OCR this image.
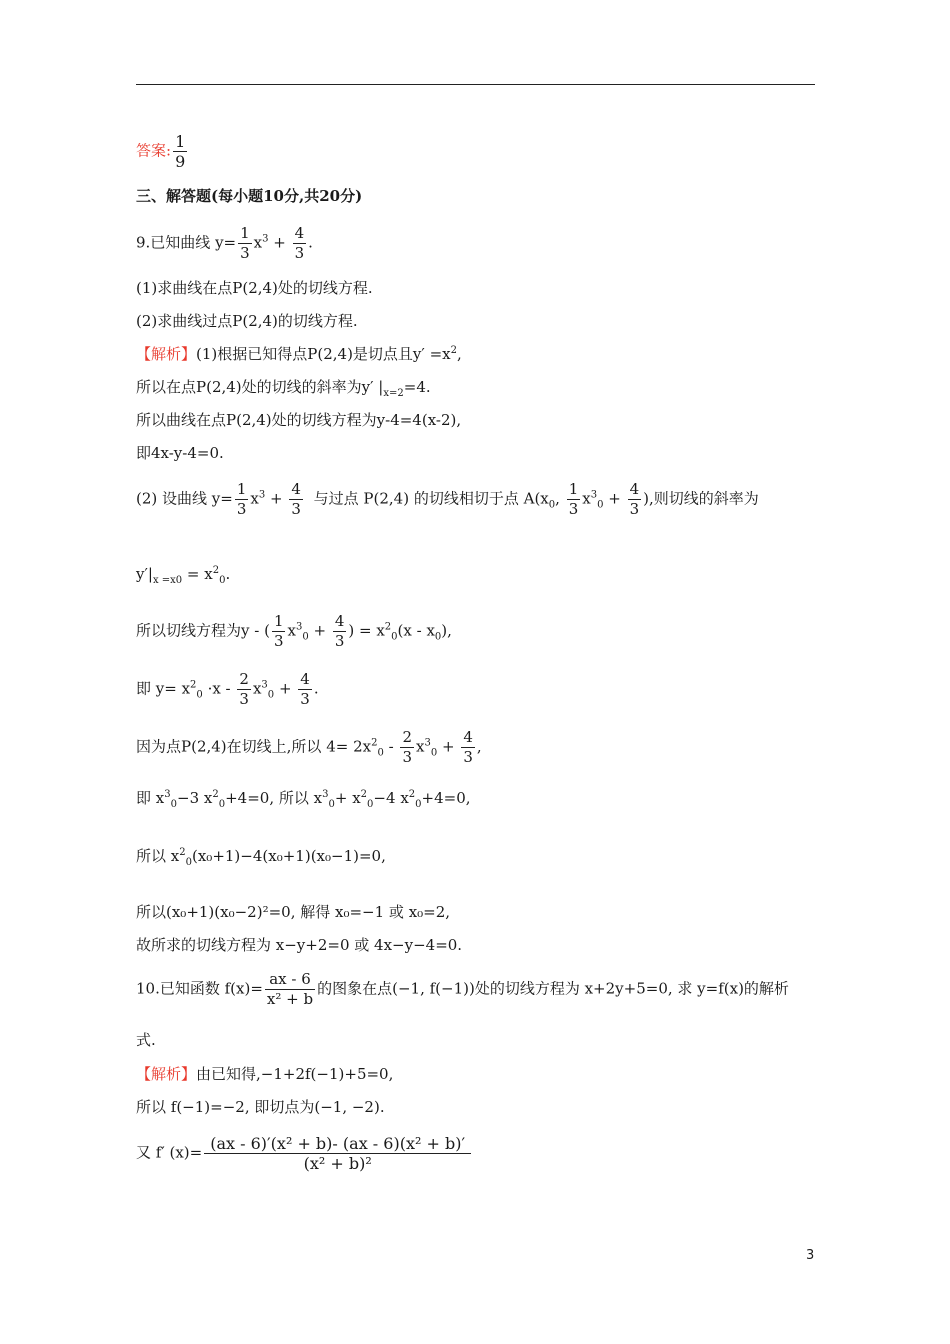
答案: $\frac{1}{9}$
三、解答题(每小题10分,共20分)
9.已知曲线 $y= \frac{1}{3} x^3 + \frac{4}{3}$ .
(1)求曲线在点P(2,4)处的切线方程.
(2)求曲线过点P(2,4)的切线方程.
【解析】(1)根据已知得点P(2,4)是切点且$y' =x^2$,
所以在点P(2,4)处的切线的斜率为y′ $|_{x=2}=4$.
所以曲线在点P(2,4)处的切线方程为y-4=4(x-2),
即4x-y-4=0.
(2) 设曲线 $y= \frac{1}{3} x^3 + \frac{4}{3}$ 与过点 P(2,4) 的切线相切于点 $A(x_0$, $\frac{1}{3} x^3_0 + \frac{4}{3}$ ),则切线的斜率为
$y'|_{x =x0} = x^2_0$.
所以切线方程为y - ( $\frac{1}{3} x^3_0 + \frac{4}{3}$ ) = $x^2_0(x - x_0)$,
即 $y= x^2_0 \cdot x - \frac{2}{3} x^3_0 + \frac{4}{3}$ .
因为点P(2,4)在切线上,所以 $4= 2x^2_0 - \frac{2}{3} x^3_0 + \frac{4}{3}$ ,
即 $x^3_0-3$ $x^2_0+4=0$, 所以 $x^3_0+ x^2_0-4$ $x^2_0+4=0$,
所以 $x^2_0(x_0+1)-4(x_0+1)(x_0-1)=0$,
所以(x₀+1)(x₀−2)²=0, 解得 x₀=−1 或 x₀=2,
故所求的切线方程为 x−y+2=0 或 4x−y−4=0.
10.已知函数 $f(x)= \frac{ax - 6}{\text{x² + b}}$ 的图象在点(−1, f(−1))处的切线方程为 x+2y+5=0, 求 y=f(x)的解析
式.
【解析】由已知得,−1+2f(−1)+5=0,
所以 f(−1)=−2, 即切点为(−1, −2).
又 f′ $(x)= \frac{\text{(ax - 6)′(x² + b)- (ax - 6)(x² + b)′}}{\text{(x² + b)²}}$
3
